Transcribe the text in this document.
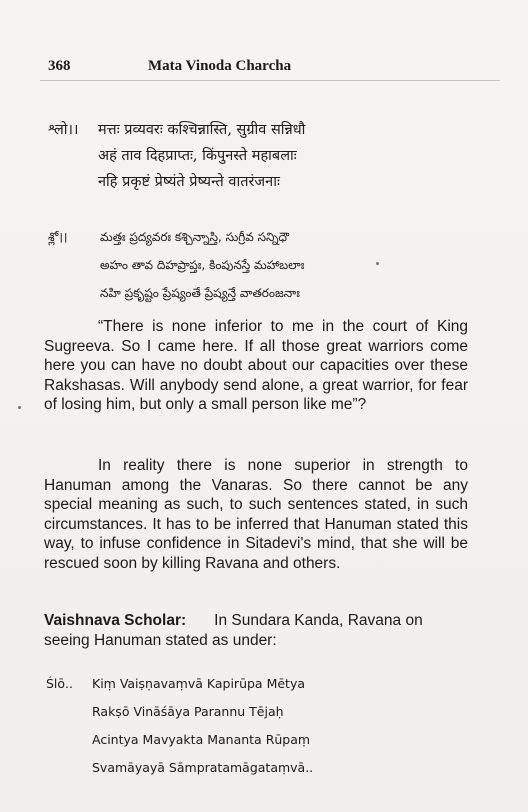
368	Mata Vinoda Charcha
श्लो।। मत्तः प्रव्यवरः कश्चिन्नास्ति, सुग्रीव सन्निधौ
अहं ताव दिहप्राप्तः, किंपुनस्ते महाबलाः
नहि प्रकृष्टं प्रेष्यंते प्रेष्यन्ते वातरंजनाः
శ్లో।।	మత్తః ప్రద్యవరః కశ్చిన్నాస్తి, సుగ్రీవ సన్నిధౌ
అహం తావ దిహప్రాప్తః, కింపునస్తే మహాబలాః
నహి ప్రకృష్టం ప్రేష్యంతే ప్రేష్యన్తే వాతరంజనాః

“There is none inferior to me in the court of King Sugreeva. So I came here. If all those great warriors come here you can have no doubt about our capacities over these Rakshasas. Will anybody send alone, a great warrior, for fear of losing him, but only a small person like me”?

In reality there is none superior in strength to Hanuman among the Vanaras. So there cannot be any special meaning as such, to such sentences stated, in such circumstances. It has to be inferred that Hanuman stated this way, to infuse confidence in Sitadevi's mind, that she will be rescued soon by killing Ravana and others.

Vaishnava Scholar: In Sundara Kanda, Ravana on seeing Hanuman stated as under:

Ślō.. Kiṃ Vaiṣṇavaṃvā Kapirūpa Mētya
Rakṣō Vināśāya Parannu Tējaḥ
Acintya Mavyakta Mananta Rūpaṃ
Svamāyayā Sāmpratamāgataṃvā..
